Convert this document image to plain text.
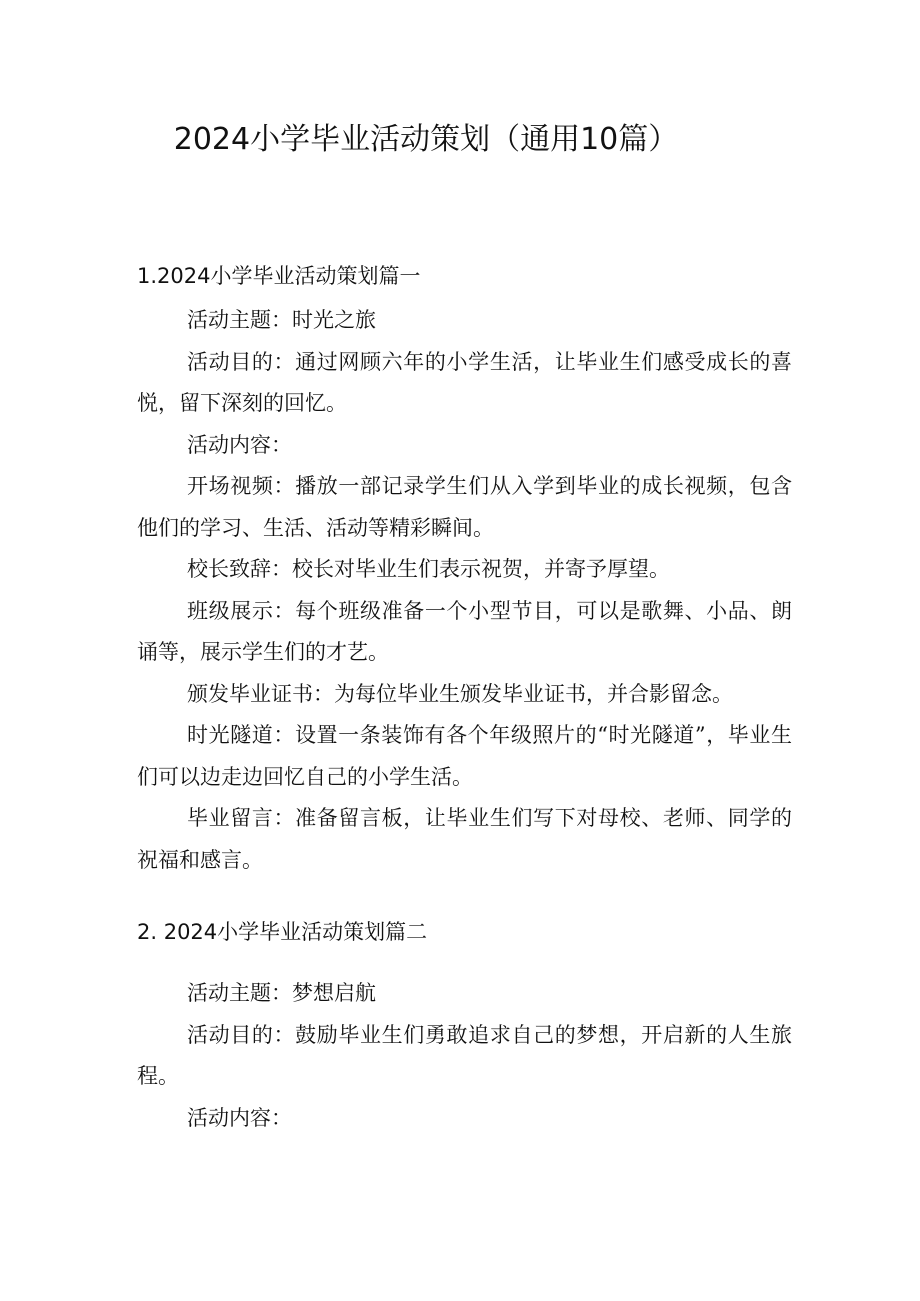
2024小学毕业活动策划（通用10篇）
1.2024小学毕业活动策划篇一

活动主题：时光之旅

活动目的：通过网顾六年的小学生活，让毕业生们感受成长的喜悦，留下深刻的回忆。

活动内容：

开场视频：播放一部记录学生们从入学到毕业的成长视频，包含他们的学习、生活、活动等精彩瞬间。

校长致辞：校长对毕业生们表示祝贺，并寄予厚望。

班级展示：每个班级准备一个小型节目，可以是歌舞、小品、朗诵等，展示学生们的才艺。

颁发毕业证书：为每位毕业生颁发毕业证书，并合影留念。

时光隧道：设置一条装饰有各个年级照片的“时光隧道”，毕业生们可以边走边回忆自己的小学生活。

毕业留言：准备留言板，让毕业生们写下对母校、老师、同学的祝福和感言。

2. 2024小学毕业活动策划篇二

活动主题：梦想启航

活动目的：鼓励毕业生们勇敢追求自己的梦想，开启新的人生旅程。

活动内容：
